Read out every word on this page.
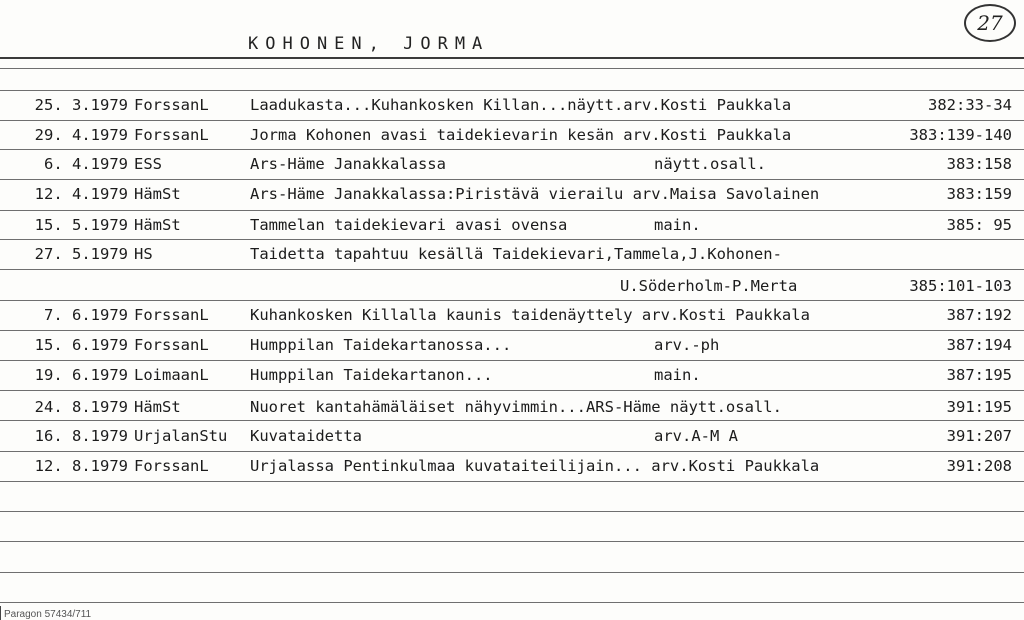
KOHONEN, JORMA
27
25. 3.1979 ForssanL	Laadukasta...Kuhankosken Killan...näytt.arv.Kosti Paukkala	382:33-34
29. 4.1979 ForssanL	Jorma Kohonen avasi taidekievarin kesän arv.Kosti Paukkala	383:139-140
6. 4.1979 ESS	Ars-Häme Janakkalassa	näytt.osall.	383:158
12. 4.1979 HämSt	Ars-Häme Janakkalassa:Piristävä vierailu arv.Maisa Savolainen	383:159
15. 5.1979 HämSt	Tammelan taidekievari avasi ovensa	main.	385: 95
27. 5.1979 HS	Taidetta tapahtuu kesällä Taidekievari,Tammela,J.Kohonen-
U.Söderholm-P.Merta	385:101-103
7. 6.1979 ForssanL	Kuhankosken Killalla kaunis taidenäyttely arv.Kosti Paukkala	387:192
15. 6.1979 ForssanL	Humppilan Taidekartanossa...	arv.-ph	387:194
19. 6.1979 LoimaanL	Humppilan Taidekartanon...	main.	387:195
24. 8.1979 HämSt	Nuoret kantahämäläiset nähyvimmin...ARS-Häme näytt.osall.	391:195
16. 8.1979 UrjalanStu Kuvataidetta	arv.A-M A	391:207
12. 8.1979 ForssanL	Urjalassa Pentinkulmaa kuvataiteilijain... arv.Kosti Paukkala	391:208
Paragon 57434/711
